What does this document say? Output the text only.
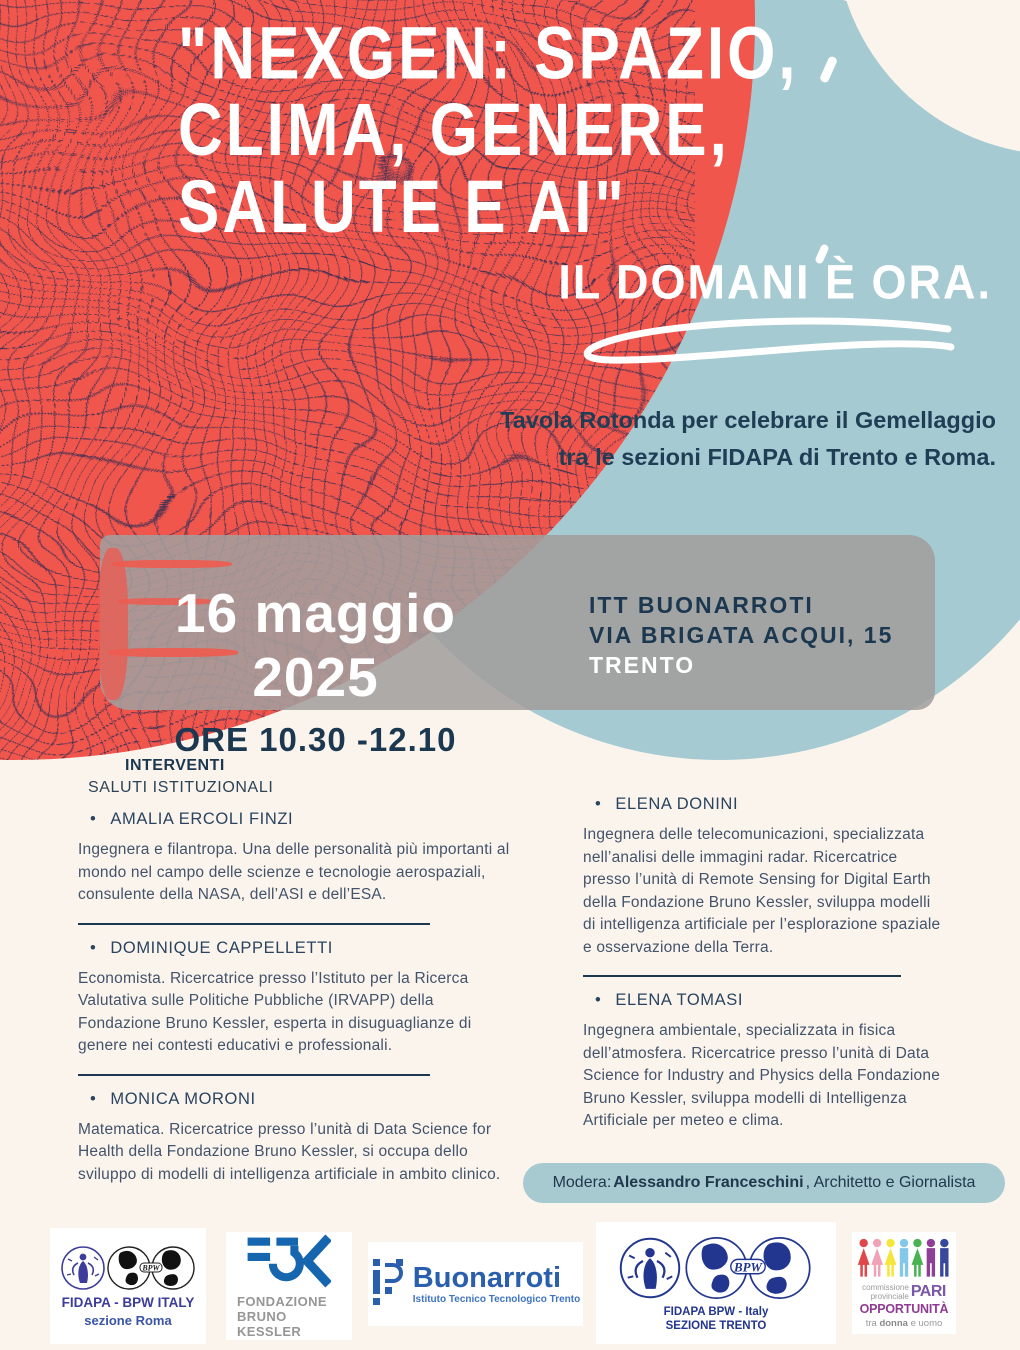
"NEXGEN: SPAZIO,
CLIMA, GENERE,
SALUTE E AI"
IL DOMANI È ORA.
Tavola Rotonda per celebrare il Gemellaggio tra le sezioni FIDAPA di Trento e Roma.
16 maggio 2025
ORE 10.30 -12.10
ITT BUONARROTI
VIA BRIGATA ACQUI, 15
TRENTO
INTERVENTI
SALUTI ISTITUZIONALI

• AMALIA ERCOLI FINZI

Ingegnera e filantropa. Una delle personalità più importanti al mondo nel campo delle scienze e tecnologie aerospaziali, consulente della NASA, dell’ASI e dell’ESA.

• DOMINIQUE CAPPELLETTI

Economista. Ricercatrice presso l’Istituto per la Ricerca Valutativa sulle Politiche Pubbliche (IRVAPP) della Fondazione Bruno Kessler, esperta in disuguaglianze di genere nei contesti educativi e professionali.

• MONICA MORONI

Matematica. Ricercatrice presso l’unità di Data Science for Health della Fondazione Bruno Kessler, si occupa dello sviluppo di modelli di intelligenza artificiale in ambito clinico.

• ELENA DONINI

Ingegnera delle telecomunicazioni, specializzata nell’analisi delle immagini radar. Ricercatrice presso l’unità di Remote Sensing for Digital Earth della Fondazione Bruno Kessler, sviluppa modelli di intelligenza artificiale per l’esplorazione spaziale e osservazione della Terra.

• ELENA TOMASI

Ingegnera ambientale, specializzata in fisica dell’atmosfera. Ricercatrice presso l’unità di Data Science for Industry and Physics della Fondazione Bruno Kessler, sviluppa modelli di Intelligenza Artificiale per meteo e clima.

Modera: Alessandro Franceschini , Architetto e Giornalista
BPW
FIDAPA - BPW ITALY
sezione Roma
FONDAZIONE
BRUNO KESSLER
Buonarroti
Istituto Tecnico Tecnologico Trento
BPW
FIDAPA BPW - Italy
SEZIONE TRENTO
commissione
provinciale PARI
OPPORTUNITÀ
tra donna e uomo
